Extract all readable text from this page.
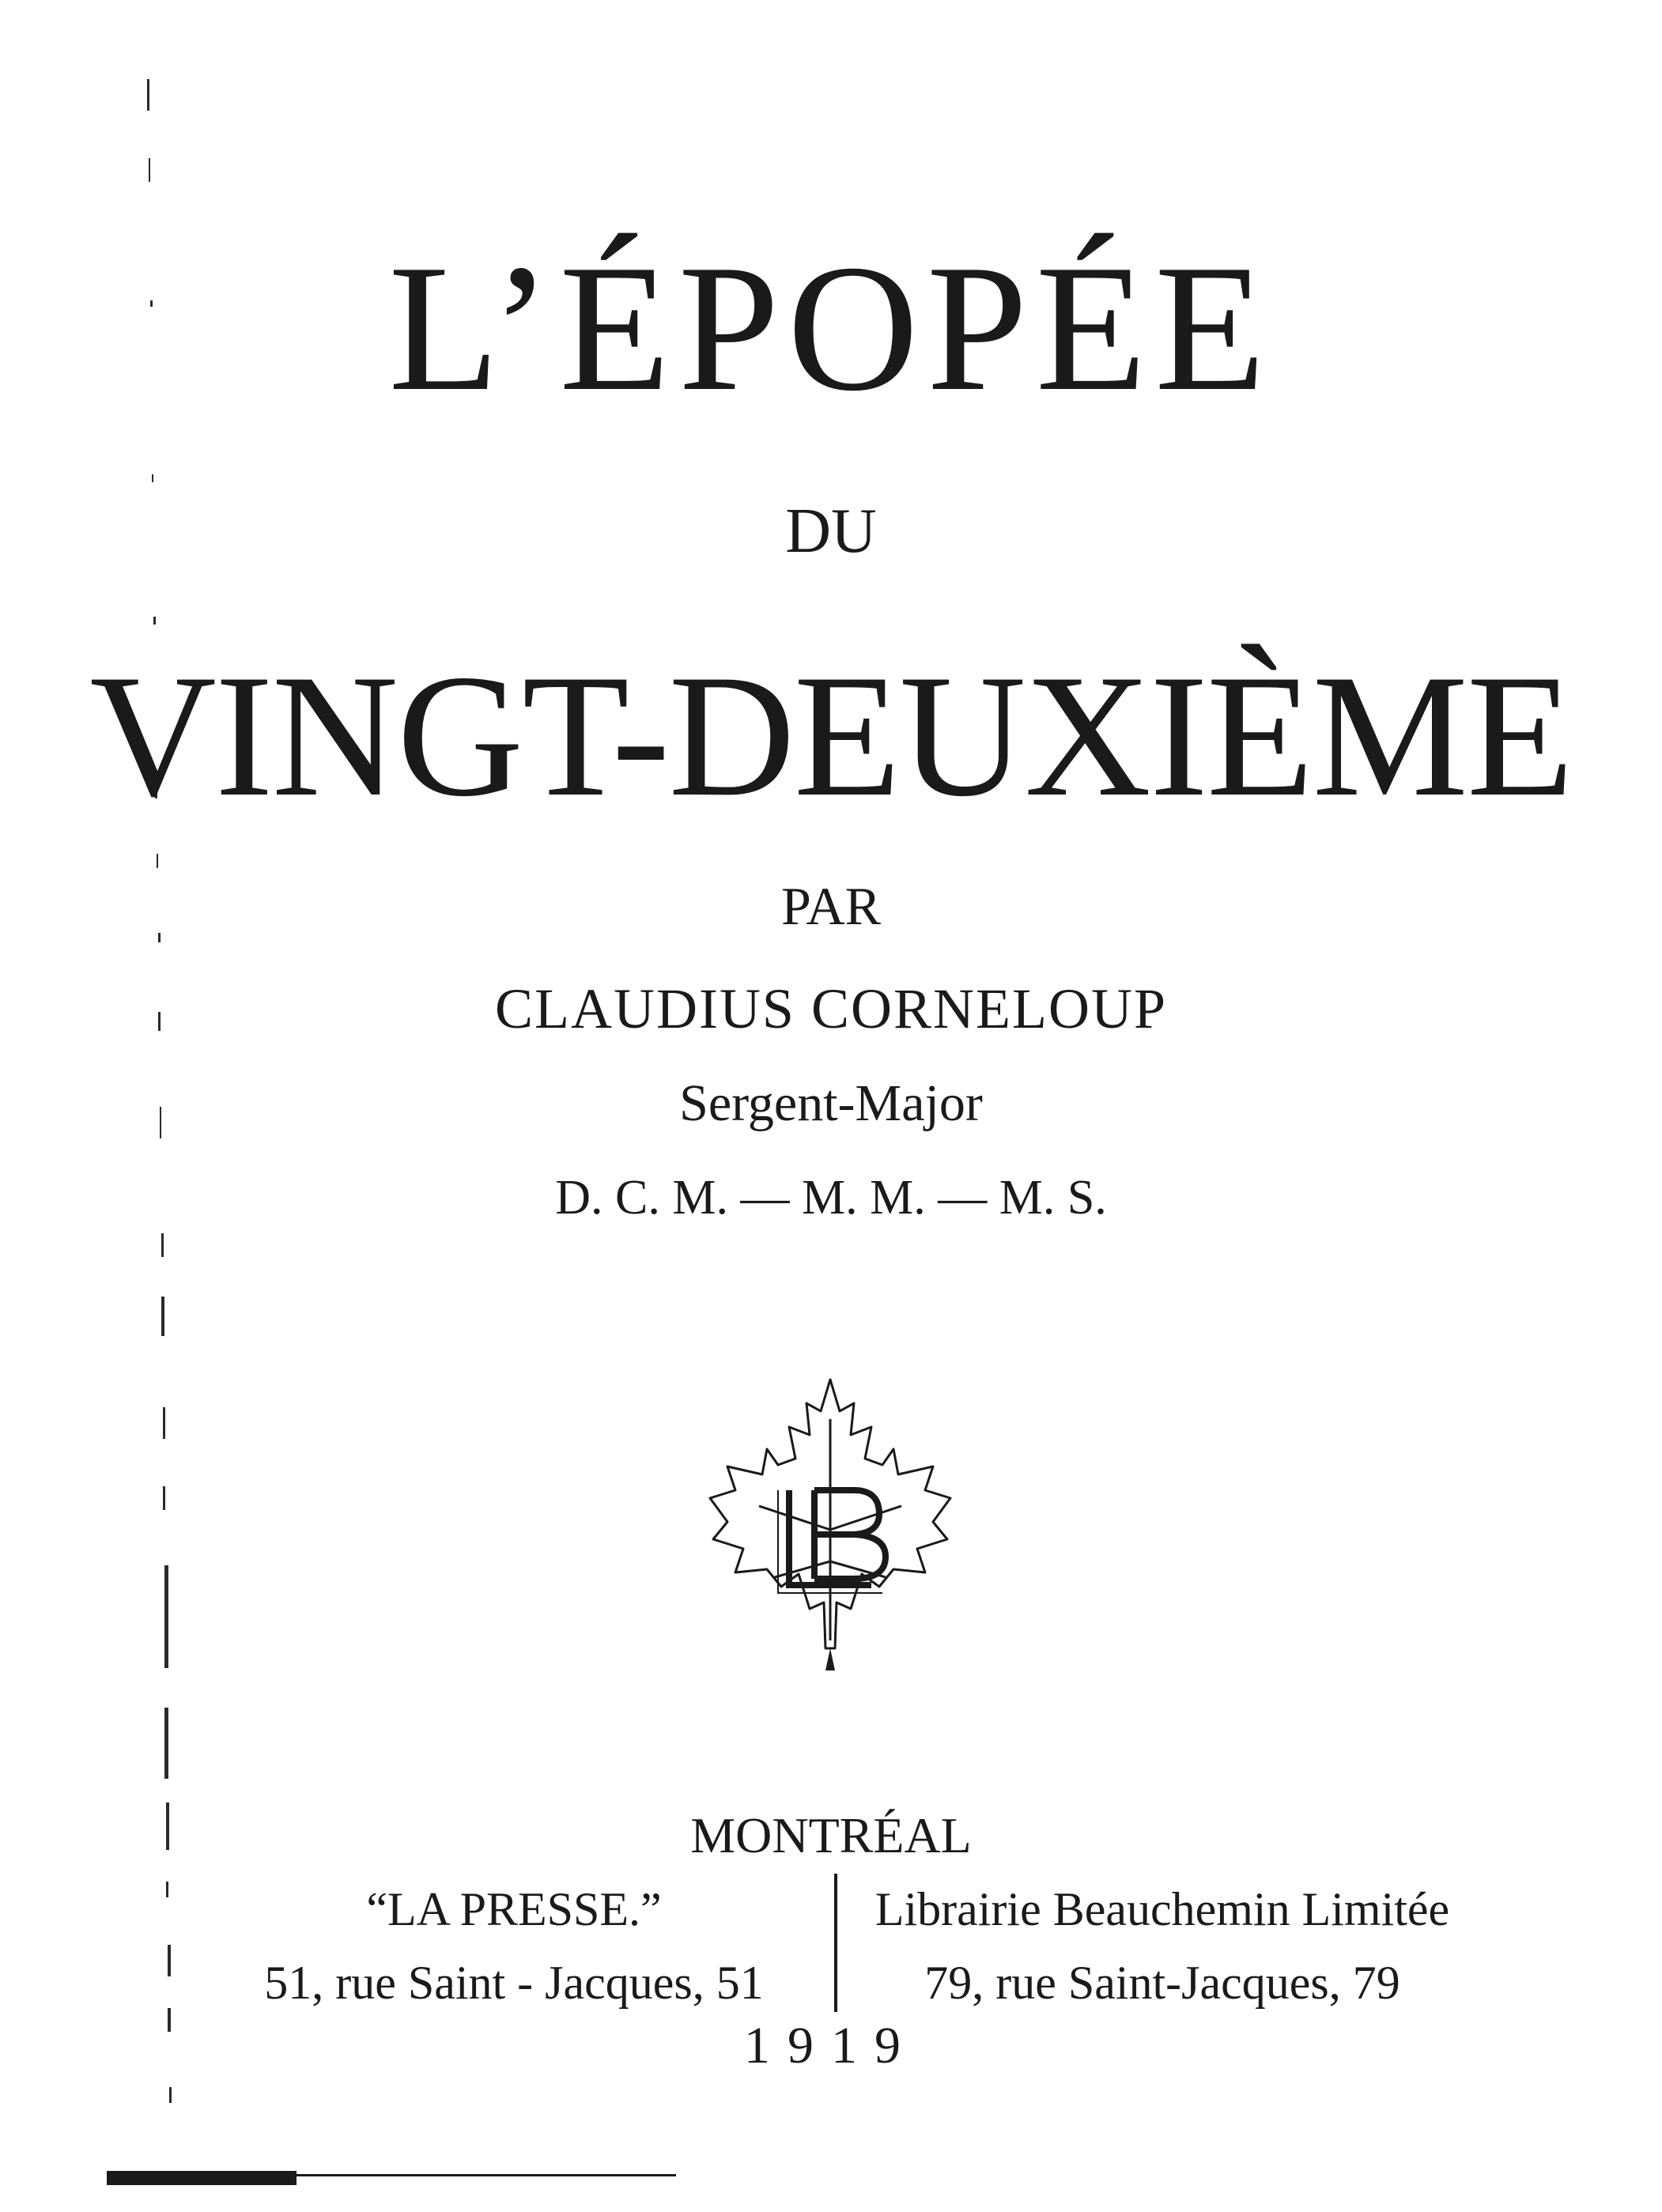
L’ÉPOPÉE
DU
VINGT-DEUXIÈME
PAR
CLAUDIUS CORNELOUP
Sergent-Major
D. C. M. — M. M. — M. S.
MONTRÉAL
“LA PRESSE.”
51, rue Saint - Jacques, 51
Librairie Beauchemin Limitée
79, rue Saint-Jacques, 79
1919
